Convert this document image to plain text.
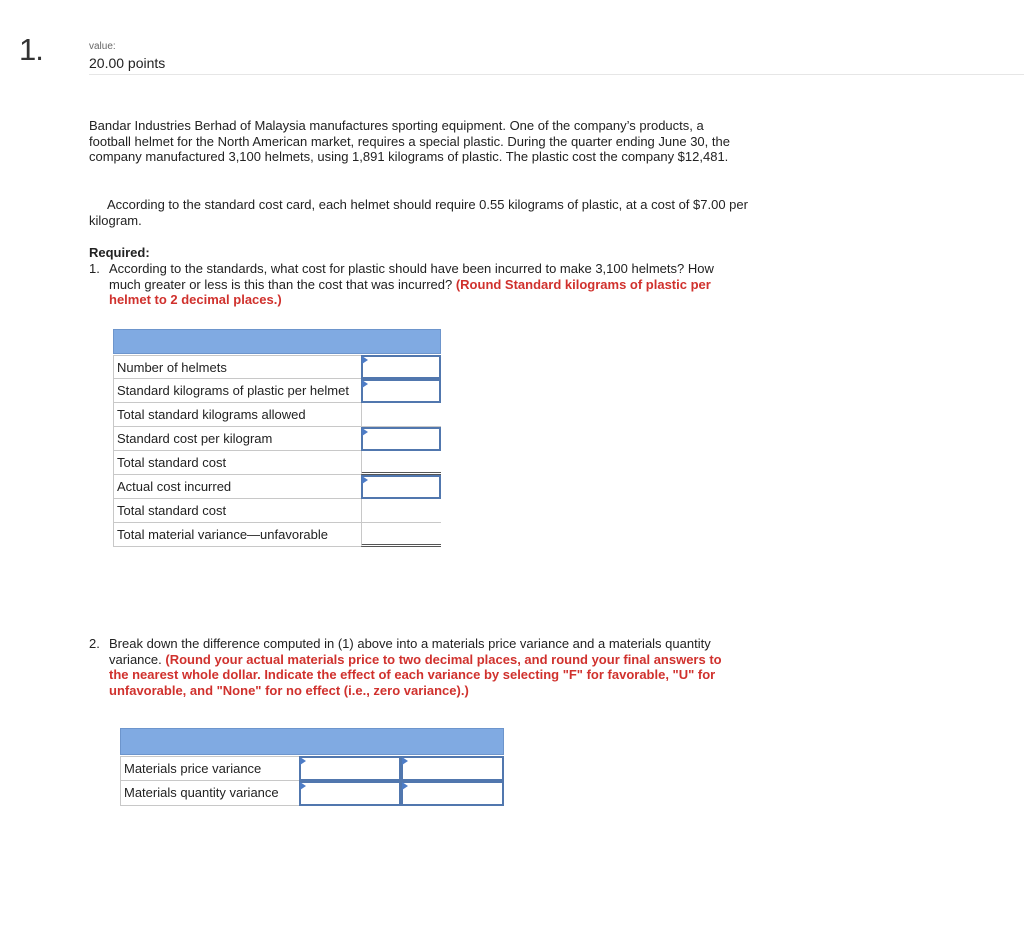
1.	value:
20.00 points
Bandar Industries Berhad of Malaysia manufactures sporting equipment. One of the company’s products, a football helmet for the North American market, requires a special plastic. During the quarter ending June 30, the company manufactured 3,100 helmets, using 1,891 kilograms of plastic. The plastic cost the company $12,481.
According to the standard cost card, each helmet should require 0.55 kilograms of plastic, at a cost of $7.00 per kilogram.
Required:
1. According to the standards, what cost for plastic should have been incurred to make 3,100 helmets? How much greater or less is this than the cost that was incurred? (Round Standard kilograms of plastic per helmet to 2 decimal places.)
Number of helmets
Standard kilograms of plastic per helmet
Total standard kilograms allowed
Standard cost per kilogram
Total standard cost
Actual cost incurred
Total standard cost
Total material variance—unfavorable
2. Break down the difference computed in (1) above into a materials price variance and a materials quantity variance. (Round your actual materials price to two decimal places, and round your final answers to the nearest whole dollar. Indicate the effect of each variance by selecting "F" for favorable, "U" for unfavorable, and "None" for no effect (i.e., zero variance).)
Materials price variance
Materials quantity variance
